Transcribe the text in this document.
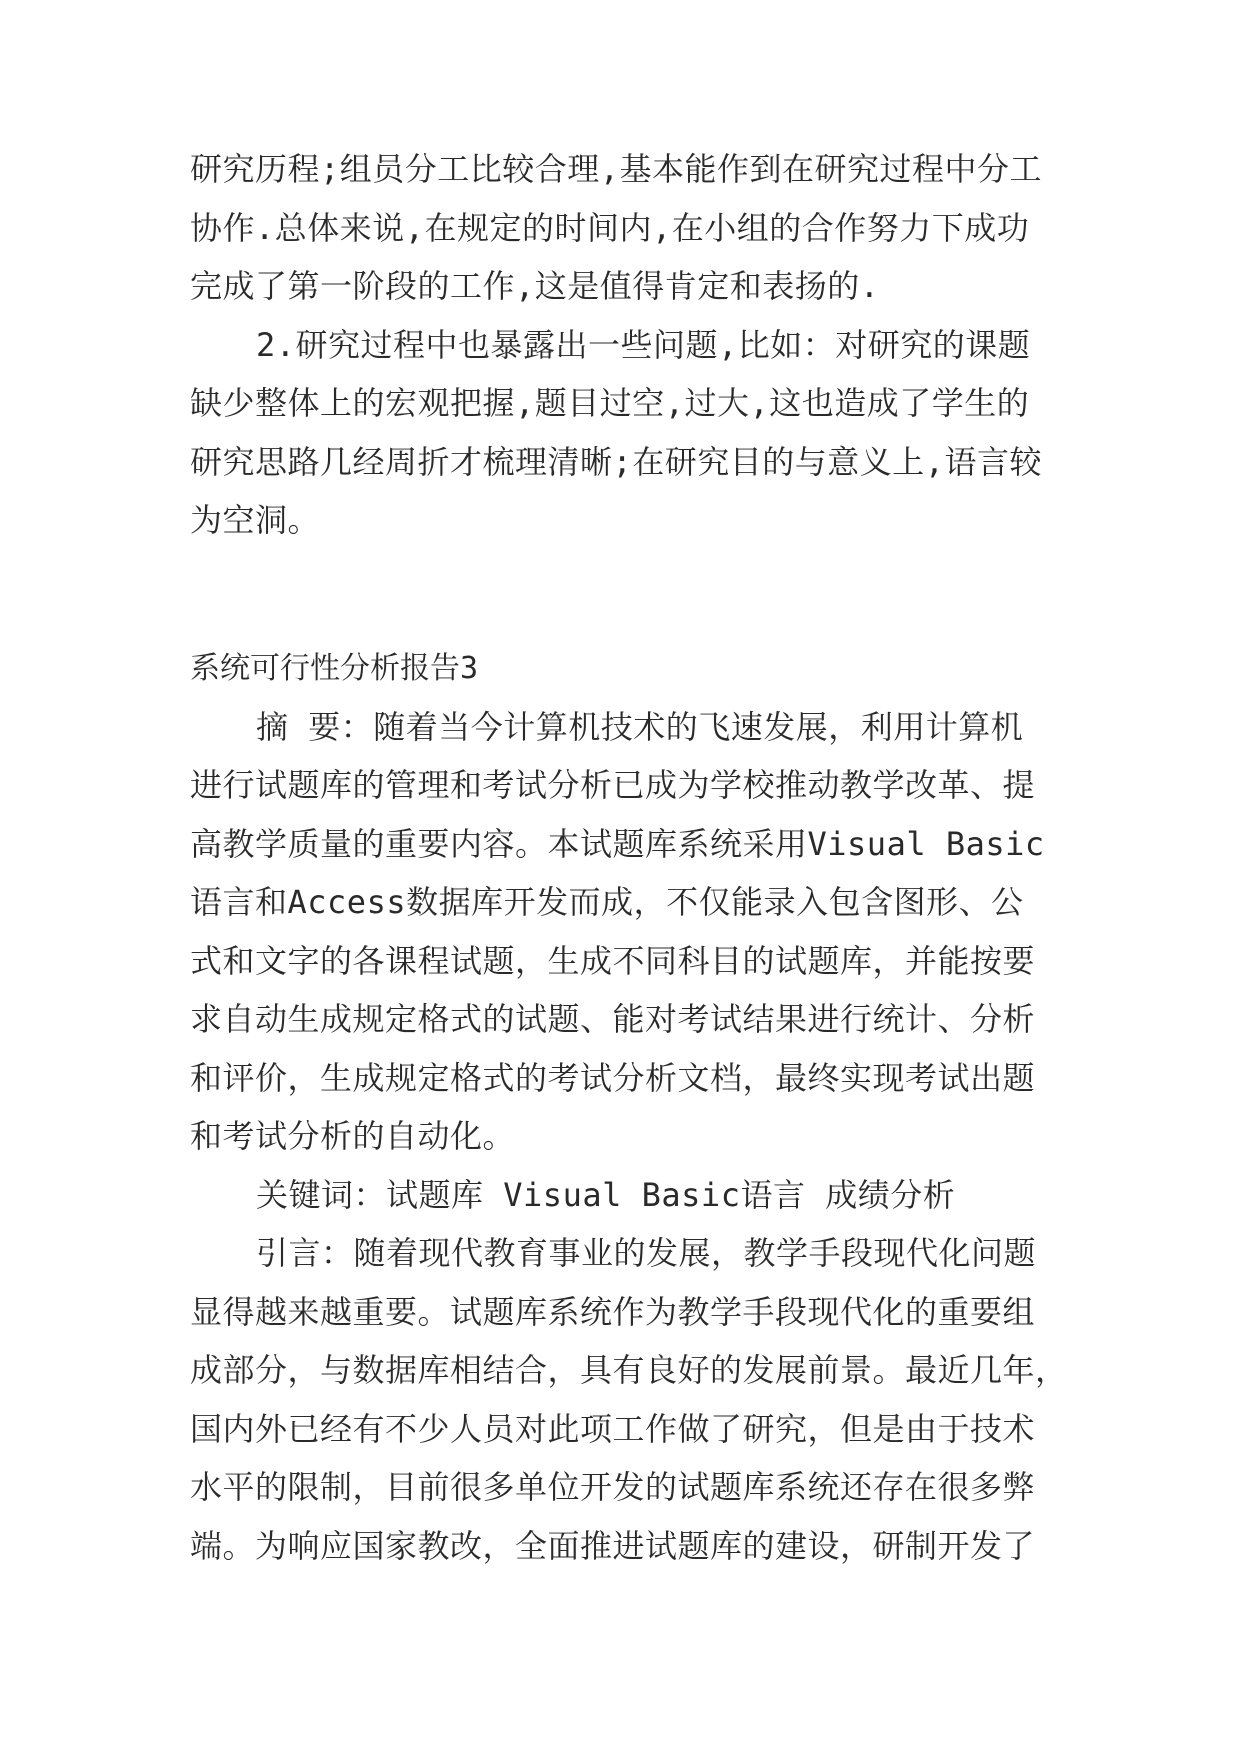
研究历程;组员分工比较合理,基本能作到在研究过程中分工
协作.总体来说,在规定的时间内,在小组的合作努力下成功
完成了第一阶段的工作,这是值得肯定和表扬的.
2.研究过程中也暴露出一些问题,比如：对研究的课题
缺少整体上的宏观把握,题目过空,过大,这也造成了学生的
研究思路几经周折才梳理清晰;在研究目的与意义上,语言较
为空洞。
系统可行性分析报告3
摘 要：随着当今计算机技术的飞速发展，利用计算机
进行试题库的管理和考试分析已成为学校推动教学改革、提
高教学质量的重要内容。本试题库系统采用Visual Basic
语言和Access数据库开发而成，不仅能录入包含图形、公
式和文字的各课程试题，生成不同科目的试题库，并能按要
求自动生成规定格式的试题、能对考试结果进行统计、分析
和评价，生成规定格式的考试分析文档，最终实现考试出题
和考试分析的自动化。
关键词：试题库 Visual Basic语言 成绩分析
引言：随着现代教育事业的发展，教学手段现代化问题
显得越来越重要。试题库系统作为教学手段现代化的重要组
成部分，与数据库相结合，具有良好的发展前景。最近几年，
国内外已经有不少人员对此项工作做了研究，但是由于技术
水平的限制，目前很多单位开发的试题库系统还存在很多弊
端。为响应国家教改，全面推进试题库的建设，研制开发了
